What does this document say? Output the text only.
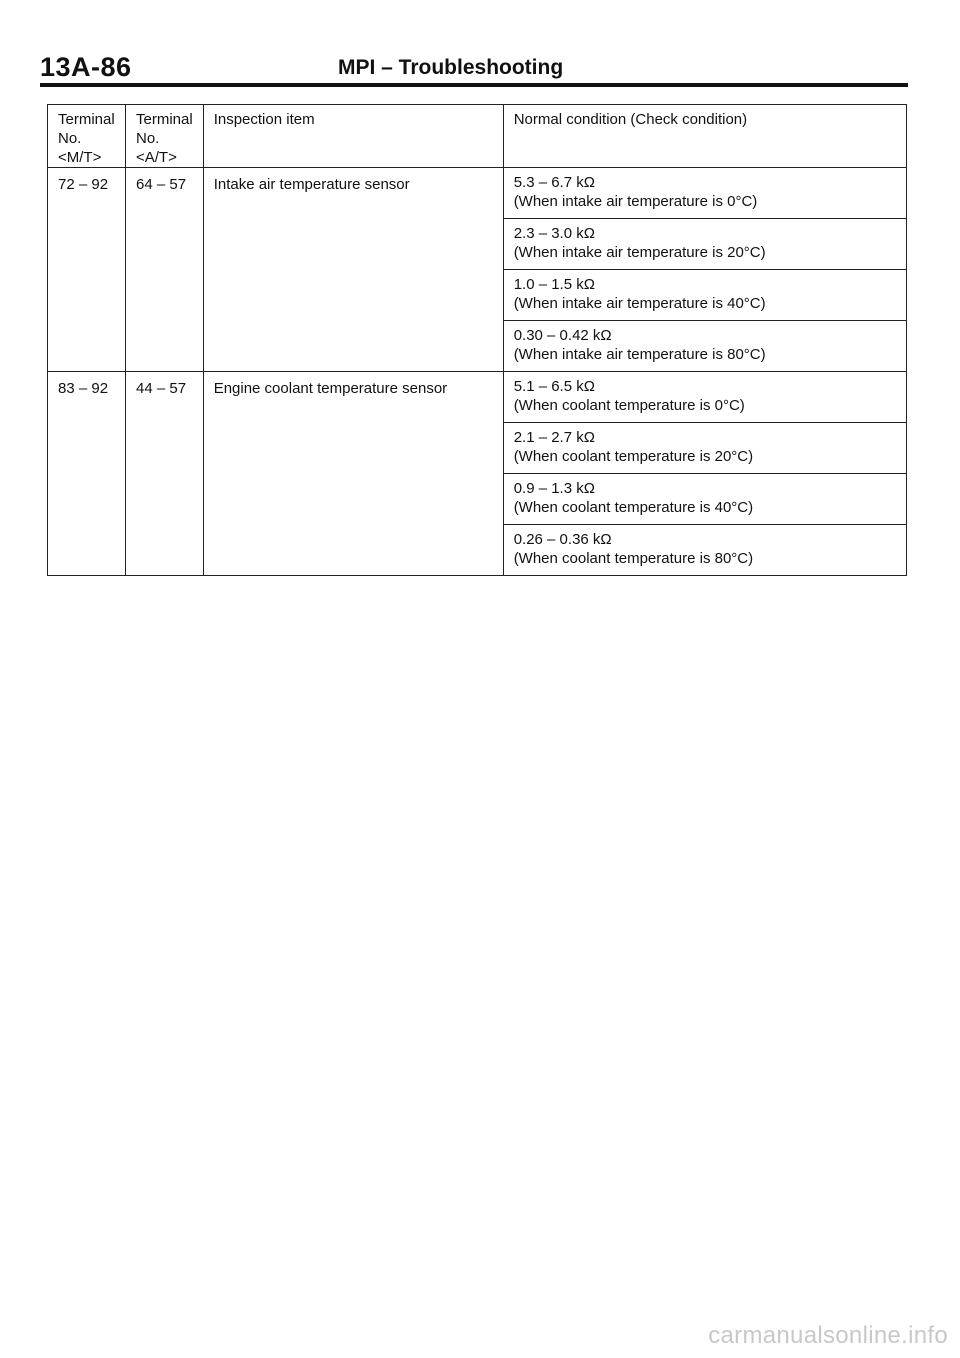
13A-86	MPI – Troubleshooting
Terminal No.<M/T>	Terminal No. <A/T>	Inspection item	Normal condition (Check condition)
72 – 92	64 – 57	Intake air temperature sensor	5.3 – 6.7 kΩ
(When intake air temperature is 0°C)

			2.3 – 3.0 kΩ
(When intake air temperature is 20°C)

			1.0 – 1.5 kΩ
(When intake air temperature is 40°C)

			0.30 – 0.42 kΩ
(When intake air temperature is 80°C)

83 – 92	44 – 57	Engine coolant temperature sensor	5.1 – 6.5 kΩ
(When coolant temperature is 0°C)

			2.1 – 2.7 kΩ
(When coolant temperature is 20°C)

			0.9 – 1.3 kΩ
(When coolant temperature is 40°C)

			0.26 – 0.36 kΩ
(When coolant temperature is 80°C)
carmanualsonline.info
